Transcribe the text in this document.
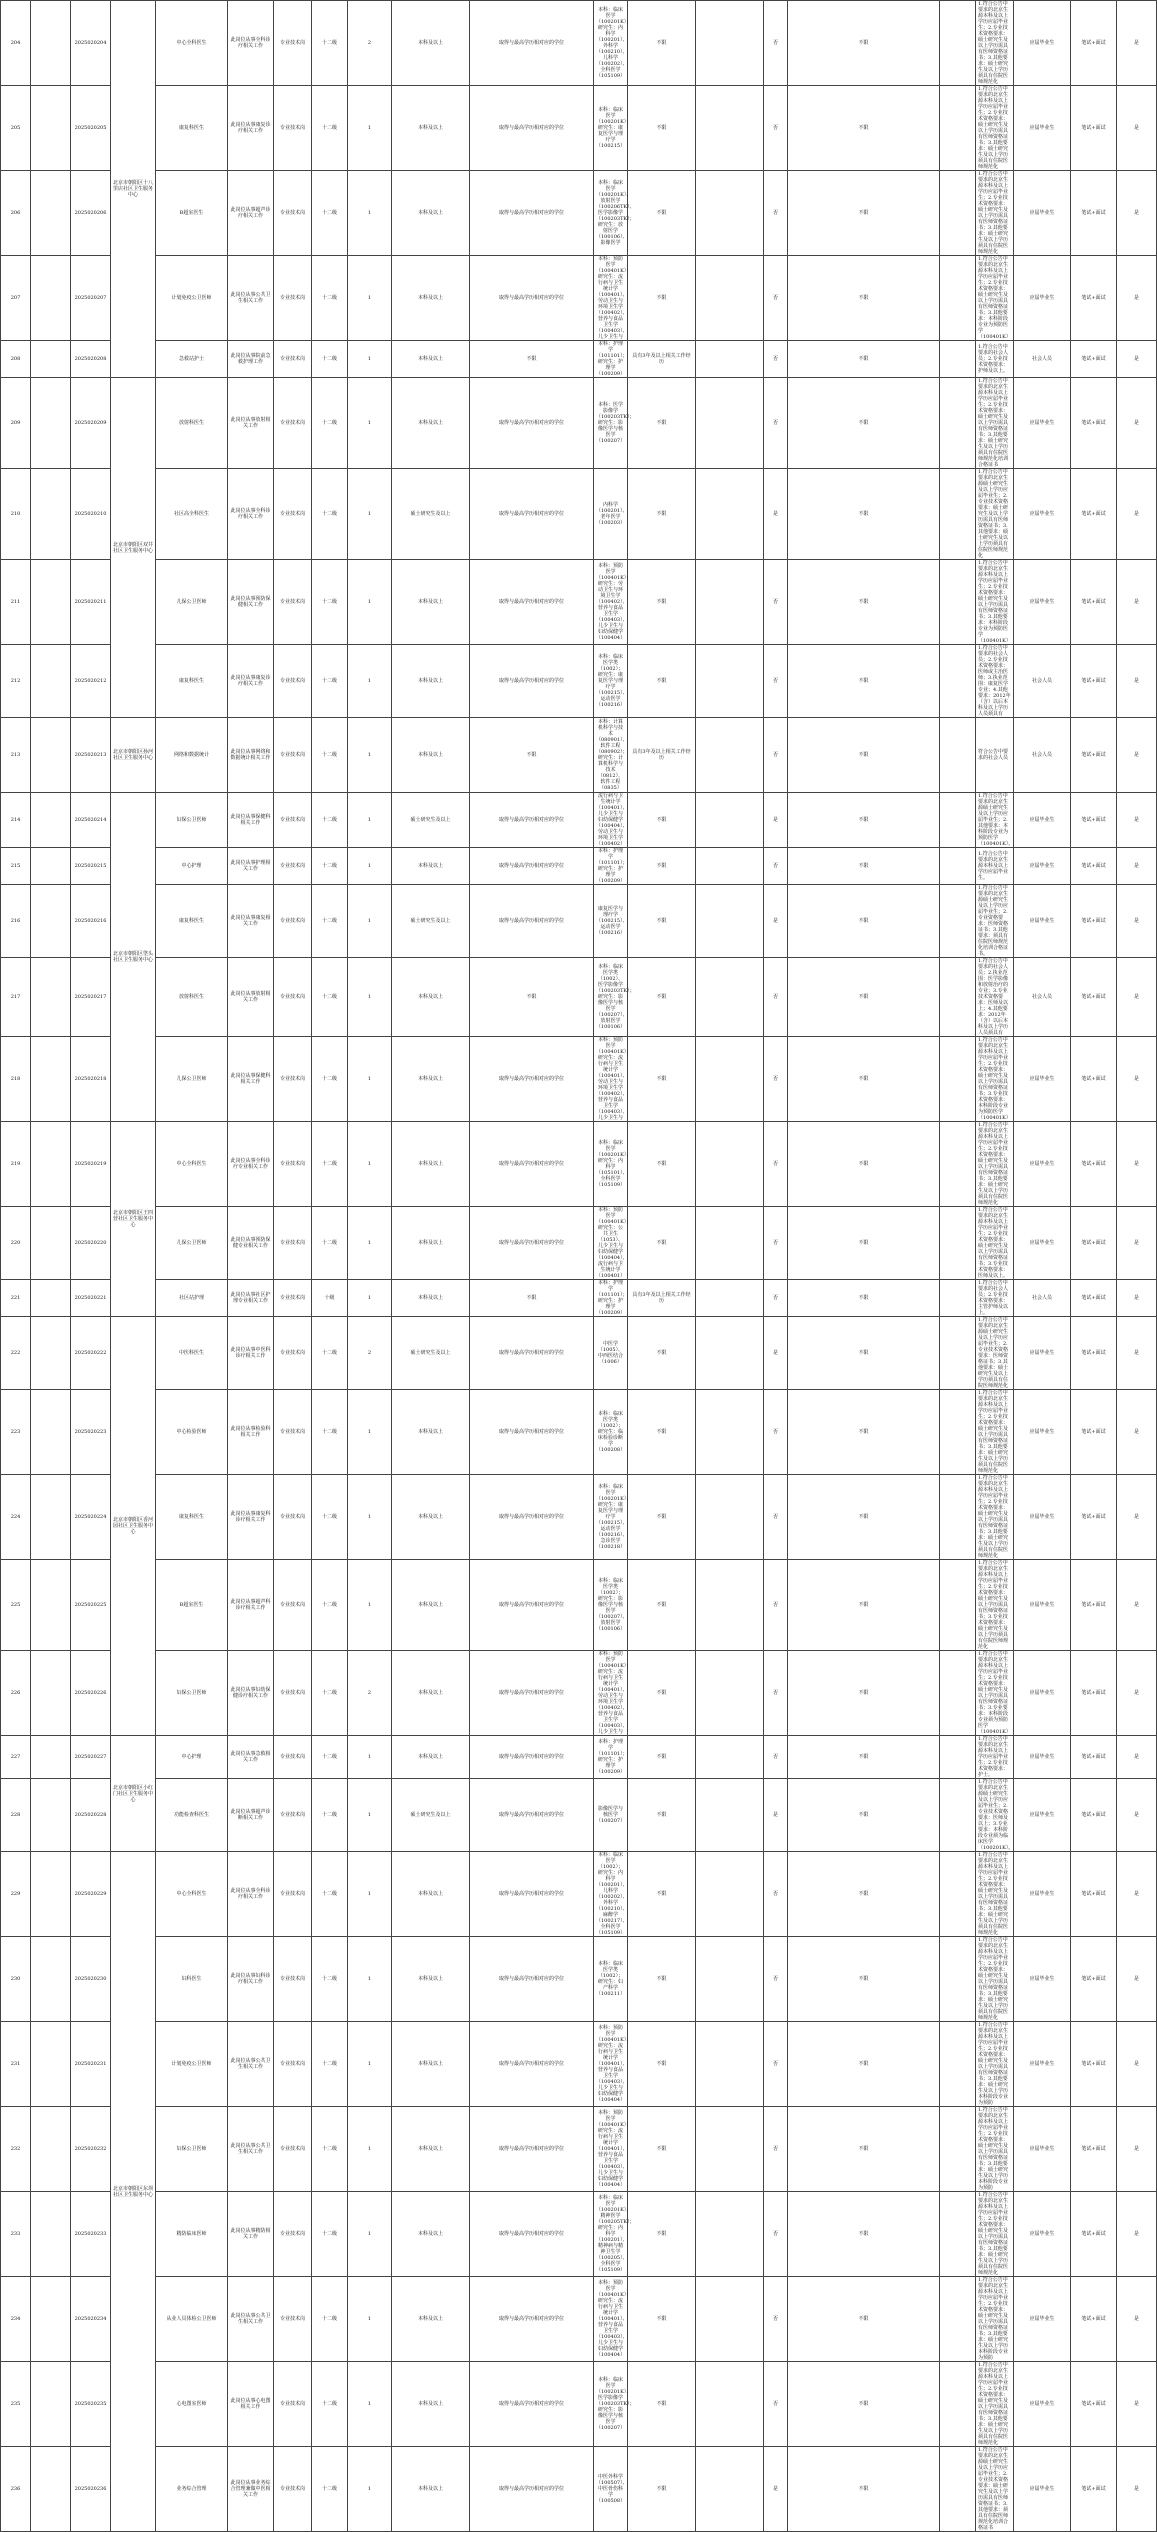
204		2025020204	北京市朝阳区十八里店社区卫生服务中心	中心全科医生	此岗位从事全科诊疗相关工作	专业技术岗	十二级	2	本科及以上	取得与最高学历相对应的学位	本科：临床医学（100201K）；研究生：内科学（100201）、外科学（100210）、儿科学（100202）、全科医学（105109）	不限		否	不限		1.符合公告中要求的北京生源本科及以上学历应届毕业生；2.专业技术资格要求：硕士研究生及以上学历需具有医师资格证书；3.其他要求：硕士研究生及以上学历须具有住院医师规范化	应届毕业生	笔试+面试	是		
205		2025020205		康复科医生	此岗位从事康复诊疗相关工作	专业技术岗	十二级	1	本科及以上	取得与最高学历相对应的学位	本科：临床医学（100201K）；研究生：康复医学与理疗学（100215）	不限		否	不限		1.符合公告中要求的北京生源本科及以上学历应届毕业生；2.专业技术资格要求：硕士研究生及以上学历需具有医师资格证书；3.其他要求：硕士研究生及以上学历须具有住院医师规范化	应届毕业生	笔试+面试	是		
206		2025020206		B超室医生	此岗位从事超声诊疗相关工作	专业技术岗	十二级	1	本科及以上	取得与最高学历相对应的学位	本科：临床医学（100201K）、放射医学（100206TK）、医学影像学（100203TK）；研究生：放射医学（100106）、影像医学	不限		否	不限		1.符合公告中要求的北京生源本科及以上学历应届毕业生；2.专业技术资格要求：硕士研究生及以上学历需具有医师资格证书；3.其他要求：硕士研究生及以上学历须具有住院医师规范化	应届毕业生	笔试+面试	是		
207		2025020207		计划免疫公卫医师	此岗位从事公共卫生相关工作	专业技术岗	十二级	1	本科及以上	取得与最高学历相对应的学位	本科：预防医学（100401K）；研究生：流行病与卫生统计学（100401）、劳动卫生与环境卫生学（100402）、营养与食品卫生学（100403）、儿少卫生与	不限		否	不限		1.符合公告中要求的北京生源本科及以上学历应届毕业生；2.专业技术资格要求：硕士研究生及以上学历需具有医师资格证书；3.其他要求：本科阶段专业为预防医学（100401K）	应届毕业生	笔试+面试	是		
208		2025020208		急救站护士	此岗位从事院前急救护理工作	专业技术岗	十二级	1	本科及以上	不限	本科：护理学（101101）；研究生：护理学（100209）	具有3年及以上相关工作经历		否	不限		1.符合公告中要求的社会人员；2.专业技术资格要求：护师及以上。	社会人员	笔试+面试	是		
209		2025020209	北京市朝阳区双井社区卫生服务中心	放射科医生	此岗位从事放射相关工作	专业技术岗	十二级	1	本科及以上	取得与最高学历相对应的学位	本科：医学影像学（100203TK）；研究生：影像医学与核医学（100207）	不限		否	不限		1.符合公告中要求的北京生源本科及以上学历应届毕业生；2.专业技术资格要求：硕士研究生及以上学历需具有医师资格证书；3.其他要求：硕士研究生及以上学历须具有住院医师规范化培训合格证书	应届毕业生	笔试+面试	是		
210		2025020210		社区高全科医生	此岗位从事全科诊疗相关工作	专业技术岗	十二级	1	硕士研究生及以上	取得与最高学历相对应的学位	内科学（100201）、老年医学（100203）	不限		是	不限		1.符合公告中要求的北京生源硕士研究生及以上学历应届毕业生；2.专业技术资格要求：硕士研究生及以上学历需具有医师资格证书；3.其他要求：硕士研究生及以上学历须具有住院医师规范化	应届毕业生	笔试+面试	是		
211		2025020211		儿保公卫医师	此岗位从事预防保健相关工作	专业技术岗	十二级	1	本科及以上	取得与最高学历相对应的学位	本科：预防医学（100401K）；研究生：劳动卫生与环境卫生学（100402）、营养与食品卫生学（100403）、儿少卫生与妇幼保健学（100404）	不限		否	不限		1.符合公告中要求的北京生源本科及以上学历应届毕业生；2.专业技术资格要求：硕士研究生及以上学历需具有医师资格证书；3.其他要求：本科阶段专业为预防医学（100401K）	应届毕业生	笔试+面试	是		
212		2025020212		康复科医生	此岗位从事康复诊疗相关工作	专业技术岗	十二级	1	本科及以上	取得与最高学历相对应的学位	本科：临床医学类（1002）；研究生：康复医学与理疗学（100215）、运动医学（100216）	不限		否	不限		1.符合公告中要求的社会人员；2.专业技术资格要求：医师或主治医师；3.执业范围：康复医学专业；4.其他要求：2012年（含）以后本科及以上学历人员须具有	社会人员	笔试+面试	是		
213		2025020213	北京市朝阳区孙河社区卫生服务中心	网络和数据统计	此岗位从事网络和数据统计相关工作	专业技术岗	十二级	1	本科及以上	不限	本科：计算机科学与技术（080901）、软件工程（080902）；研究生：计算机科学与技术（0812）、软件工程（0835）	具有3年及以上相关工作经历		否	不限		符合公告中要求的社会人员	社会人员	笔试+面试	是		
214		2025020214	北京市朝阳区垡头社区卫生服务中心	妇保公卫医师	此岗位从事保健科相关工作	专业技术岗	十二级	1	硕士研究生及以上	取得与最高学历相对应的学位	流行病与卫生统计学（100401）、儿少卫生与妇幼保健学（100404）、劳动卫生与环境卫生学（100402）	不限		是	不限		1.符合公告中要求的北京生源硕士研究生及以上学历应届毕业生；2.其他要求：本科阶段专业为预防医学（100401K）。	应届毕业生	笔试+面试	是		
215		2025020215		中心护理	此岗位从事护理相关工作	专业技术岗	十二级	1	本科及以上	取得与最高学历相对应的学位	本科：护理学（101101）；研究生：护理学（100209）	不限		否	不限		1.符合公告中要求的北京生源本科及以上学历应届毕业生。	应届毕业生	笔试+面试	是		
216		2025020216		康复科医生	此岗位从事康复相关工作	专业技术岗	十二级	1	硕士研究生及以上	取得与最高学历相对应的学位	康复医学与理疗学（100215）、运动医学（100216）	不限		是	不限		1.符合公告中要求的北京生源硕士研究生及以上学历应届毕业生；2.专业资格要求：医师资格证书；3.其他要求：须具有住院医师规范化培训合格证书。	应届毕业生	笔试+面试	是		
217		2025020217		放射科医生	此岗位从事放射相关工作	专业技术岗	十二级	1	本科及以上	不限	本科：临床医学类（1002）、医学影像学（100203TK）；研究生：影像医学与核医学（100207）、放射医学（100106）	不限		否	不限		1.符合公告中要求的社会人员；2.执业范围：医学影像和放射治疗的专业；3.专业技术资格要求：医师及以上；4.其他要求：2012年（含）以后本科及以上学历人员须具有	社会人员	笔试+面试	是		
218		2025020218		儿保公卫医师	此岗位从事保健科相关工作	专业技术岗	十二级	1	本科及以上	取得与最高学历相对应的学位	本科：预防医学（100401K）；研究生：流行病与卫生统计学（100401）、劳动卫生与环境卫生学（100402）、营养与食品卫生学（100403）、儿少卫生与	不限		否	不限		1.符合公告中要求的北京生源本科及以上学历应届毕业生；2.专业技术资格要求：硕士研究生及以上学历需具有医师资格证书；3.专业技术资格要求：本科阶段专业为预防医学（100401K）	应届毕业生	笔试+面试	是		
219		2025020219	北京市朝阳区王四营社区卫生服务中心	中心全科医生	此岗位从事全科诊疗专业相关工作	专业技术岗	十二级	1	本科及以上	取得与最高学历相对应的学位	本科：临床医学（100201K）；研究生：内科学（105101）、全科医学（105109）	不限		否	不限		1.符合公告中要求的北京生源本科及以上学历应届毕业生；2.专业技术资格要求：硕士研究生及以上学历需具有医师资格证书；3.其他要求：硕士研究生及以上学历须具有住院医师规范化	应届毕业生	笔试+面试	是		
220		2025020220		儿保公卫医师	此岗位从事预防保健专业相关工作	专业技术岗	十二级	1	本科及以上	取得与最高学历相对应的学位	本科：预防医学（100401K）；研究生：公共卫生（1053）、儿少卫生与妇幼保健学（100404）、流行病与卫生统计学（100401）	不限		否	不限		1.符合公告中要求的北京生源本科及以上学历应届毕业生；2.专业技术资格要求：硕士研究生及以上学历需具有医师资格证书；3.专业技术资格要求：医师及以上。	应届毕业生	笔试+面试	是		
221		2025020221		社区站护理	此岗位从事社区护理专业相关工作	专业技术岗	十级	1	本科及以上	不限	本科：护理学（101101）；研究生：护理学（100209）	具有3年及以上相关工作经历		否	不限		1.符合公告中要求的社会人员；2.专业技术资格要求：主管护师及以上。	社会人员	笔试+面试	是		
222		2025020222	北京市朝阳区香河园社区卫生服务中心	中医科医生	此岗位从事中医科诊疗相关工作	专业技术岗	十二级	2	硕士研究生及以上	取得与最高学历相对应的学位	中医学（1005）、中西医结合（1006）	不限		是	不限		1.符合公告中要求的北京生源硕士研究生及以上学历应届毕业生；2.专业技术资格要求：医师资格证书；3.其他要求：硕士研究生及以上学历须具有住院医师规范化	应届毕业生	笔试+面试	是		
223		2025020223		中心检验医师	此岗位从事检验科相关工作	专业技术岗	十二级	1	本科及以上	取得与最高学历相对应的学位	本科：临床医学类（1002）；研究生：临床检验诊断学（100208）	不限		否	不限		1.符合公告中要求的北京生源本科及以上学历应届毕业生；2.专业技术资格要求：硕士研究生及以上学历需具有医师资格证书；3.其他要求：硕士研究生及以上学历须具有住院医师规范化	应届毕业生	笔试+面试	是		
224		2025020224		康复科医生	此岗位从事康复科诊疗相关工作	专业技术岗	十二级	1	本科及以上	取得与最高学历相对应的学位	本科：临床医学（100201K）；研究生：康复医学与理疗学（100215）、运动医学（100216）、急诊医学（100218）	不限		否	不限		1.符合公告中要求的北京生源本科及以上学历应届毕业生；2.专业技术资格要求：硕士研究生及以上学历需具有医师资格证书；3.其他要求：硕士研究生及以上学历须具有住院医师规范化	应届毕业生	笔试+面试	是		
225		2025020225		B超室医生	此岗位从事超声科诊疗相关工作	专业技术岗	十二级	1	本科及以上	取得与最高学历相对应的学位	本科：临床医学类（1002）；研究生：影像医学与核医学（100207）、放射医学（100106）	不限		否	不限		1.符合公告中要求的北京生源本科及以上学历应届毕业生；2.专业技术资格要求：硕士研究生及以上学历需具有医师资格证书；3.专业技术资格要求：硕士研究生及以上学历须具有住院医师规范化	应届毕业生	笔试+面试	是		
226		2025020226		妇保公卫医师	此岗位从事妇幼保健诊疗相关工作	专业技术岗	十二级	2	本科及以上	取得与最高学历相对应的学位	本科：预防医学（100401K）；研究生：流行病与卫生统计学（100401）、劳动卫生与环境卫生学（100402）、营养与食品卫生学（100403）、儿少卫生与	不限		否	不限		1.符合公告中要求的北京生源本科及以上学历应届毕业生；2.专业技术资格要求：硕士研究生及以上学历需具有医师资格证书；3.专业要求：本科阶段专业须为预防医学（100401K）	应届毕业生	笔试+面试	是		
227		2025020227	北京市朝阳区小红门社区卫生服务中心	中心护理	此岗位从事急救相关工作	专业技术岗	十二级	1	本科及以上	取得与最高学历相对应的学位	本科：护理学（101101）；研究生：护理学（100209）	不限		否	不限		1.符合公告中要求的北京生源本科及以上学历应届毕业生；2.专业技术资格要求：护士。	应届毕业生	笔试+面试	是		
228		2025020228		功能检查科医生	此岗位从事超声诊断相关工作	专业技术岗	十二级	1	硕士研究生及以上	取得与最高学历相对应的学位	影像医学与核医学（100207）	不限		是	不限		1.符合公告中要求的北京生源硕士研究生及以上学历应届毕业生；2.专业技术资格要求：医师及以上；3.专业要求：本科阶段专业须为临床医学（100201K）。	应届毕业生	笔试+面试	是		
229		2025020229	北京市朝阳区东坝社区卫生服务中心	中心全科医生	此岗位从事全科诊疗相关工作	专业技术岗	十二级	1	本科及以上	取得与最高学历相对应的学位	本科：临床医学（1002）；研究生：内科学（100201）、儿科学（100202）、外科学（100210）、麻醉学（100217）、全科医学（105109）	不限		否	不限		1.符合公告中要求的北京生源本科及以上学历应届毕业生；2.专业技术资格要求：硕士研究生及以上学历需具有医师资格证书；3.其他要求：硕士研究生及以上学历须具有住院医师规范化	应届毕业生	笔试+面试	是		
230		2025020230		妇科医生	此岗位从事妇科诊疗相关工作	专业技术岗	十二级	1	本科及以上	取得与最高学历相对应的学位	本科：临床医学类（1002）；研究生：妇产科学（100211）	不限		否	不限		1.符合公告中要求的北京生源本科及以上学历应届毕业生；2.专业技术资格要求：硕士研究生及以上学历需具有医师资格证书；3.其他要求：硕士研究生及以上学历须具有住院医师规范化	应届毕业生	笔试+面试	是		
231		2025020231		计划免疫公卫医师	此岗位从事公共卫生相关工作	专业技术岗	十二级	1	本科及以上	取得与最高学历相对应的学位	本科：预防医学（100401K）；研究生：流行病与卫生统计学（100401）、营养与食品卫生学（100403）、儿少卫生与妇幼保健学（100404）	不限		否	不限		1.符合公告中要求的北京生源本科及以上学历应届毕业生；2.专业技术资格要求：硕士研究生及以上学历需具有医师资格证书；3.其他要求：硕士研究生及以上学历本科阶段专业为预防	应届毕业生	笔试+面试	是		
232		2025020232		妇保公卫医师	此岗位从事公共卫生相关工作	专业技术岗	十二级	1	本科及以上	取得与最高学历相对应的学位	本科：预防医学（100401K）；研究生：流行病与卫生统计学（100401）、营养与食品卫生学（100403）、儿少卫生与妇幼保健学（100404）	不限		否	不限		1.符合公告中要求的北京生源本科及以上学历应届毕业生；2.专业技术资格要求：硕士研究生及以上学历需具有医师资格证书；3.其他要求：硕士研究生及以上学历本科阶段专业为预防	应届毕业生	笔试+面试	是		
233		2025020233		精防临床医师	此岗位从事精防相关工作	专业技术岗	十二级	1	本科及以上	取得与最高学历相对应的学位	本科：临床医学（100201K）、精神医学（100205TK）；研究生：内科学（100201）、精神病与精神卫生学（100205）、全科医学（105109）	不限		否	不限		1.符合公告中要求的北京生源本科及以上学历应届毕业生；2.专业技术资格要求：硕士研究生及以上学历需具有医师资格证书；3.其他要求：硕士研究生及以上学历须具有住院医师规范化	应届毕业生	笔试+面试	是		
234		2025020234		从业人员体检公卫医师	此岗位从事公共卫生相关工作	专业技术岗	十二级	1	本科及以上	取得与最高学历相对应的学位	本科：预防医学（100401K）；研究生：流行病与卫生统计学（100401）、营养与食品卫生学（100403）、儿少卫生与妇幼保健学（100404）	不限		否	不限		1.符合公告中要求的北京生源本科及以上学历应届毕业生；2.专业技术资格要求：硕士研究生及以上学历需具有医师资格证书；3.其他要求：硕士研究生及以上学历本科阶段专业为预防	应届毕业生	笔试+面试	是		
235		2025020235		心电图室医师	此岗位从事心电图相关工作	专业技术岗	十二级	1	本科及以上	取得与最高学历相对应的学位	本科：临床医学（100201K）、医学影像学（100203TK）；研究生：影像医学与核医学（100207）	不限		否	不限		1.符合公告中要求的北京生源本科及以上学历应届毕业生；2.专业技术资格要求：硕士研究生及以上学历需具有医师资格证书；3.其他要求：硕士研究生及以上学历须具有住院医师规范化	应届毕业生	笔试+面试	是		
236		2025020236		业务综合管理	此岗位从事业务综合管理兼做中医相关工作	专业技术岗	十二级	1	本科及以上	取得与最高学历相对应的学位	中医外科学（100507）、中医骨伤科学（100508）	不限		是	不限		1.符合公告中要求的北京生源硕士研究生及以上学历应届毕业生；2.专业技术资格要求：硕士研究生及以上学历需具有医师资格证书；3.其他要求：须具有住院医师规范化培训合格证书	应届毕业生	笔试+面试	是		
